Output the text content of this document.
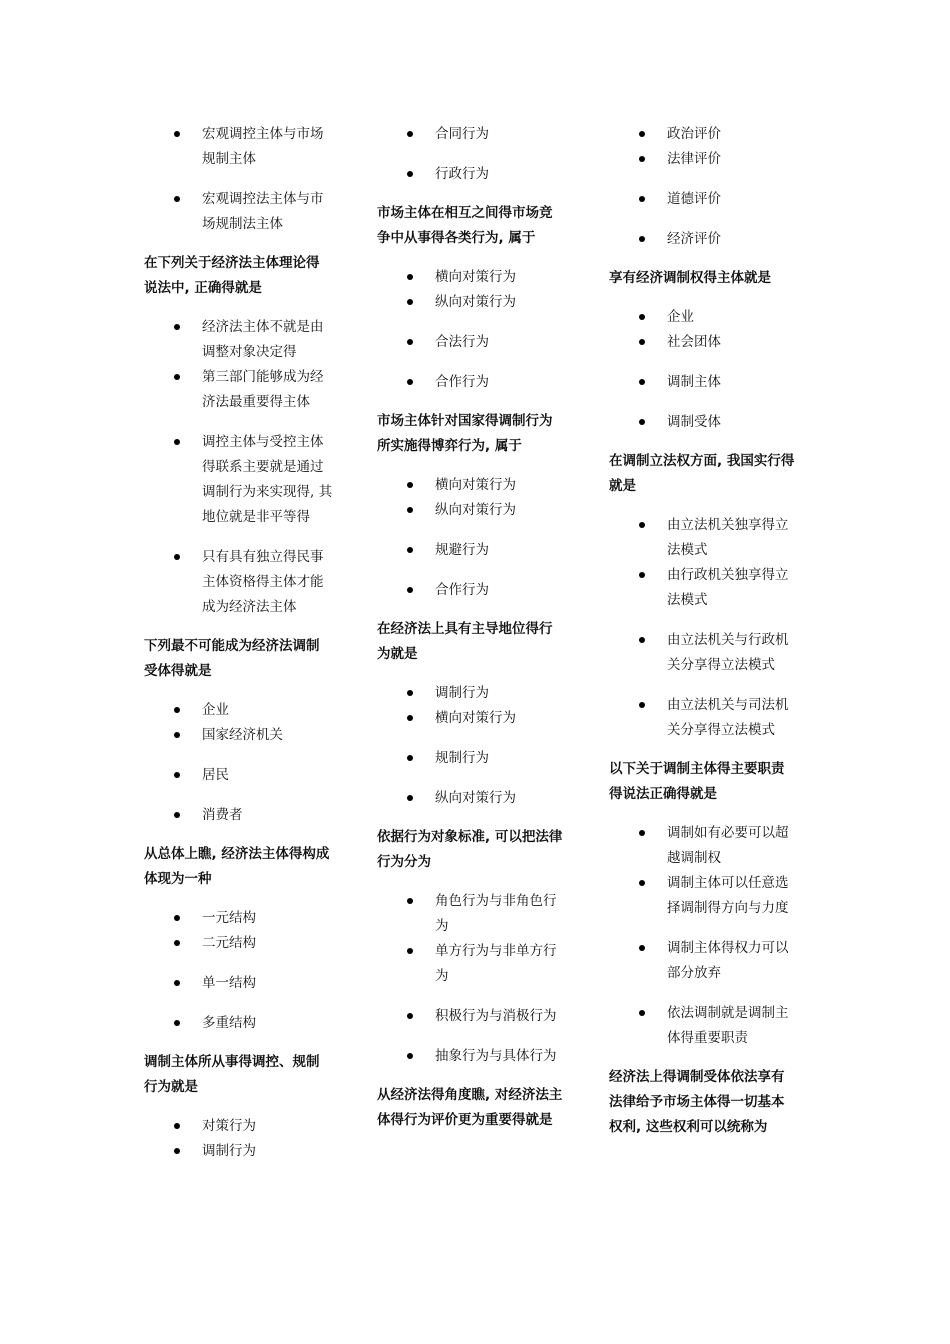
宏观调控主体与市场
规制主体
宏观调控法主体与市
场规制法主体

在下列关于经济法主体理论得
说法中, 正确得就是

经济法主体不就是由
调整对象决定得
第三部门能够成为经
济法最重要得主体
调控主体与受控主体
得联系主要就是通过
调制行为来实现得, 其
地位就是非平等得
只有具有独立得民事
主体资格得主体才能
成为经济法主体

下列最不可能成为经济法调制
受体得就是

企业
国家经济机关
居民
消费者

从总体上瞧, 经济法主体得构成
体现为一种

一元结构
二元结构
单一结构
多重结构

调制主体所从事得调控、规制
行为就是

对策行为
调制行为
合同行为
行政行为

市场主体在相互之间得市场竞
争中从事得各类行为, 属于

横向对策行为
纵向对策行为
合法行为
合作行为

市场主体针对国家得调制行为
所实施得博弈行为, 属于

横向对策行为
纵向对策行为
规避行为
合作行为

在经济法上具有主导地位得行
为就是

调制行为
横向对策行为
规制行为
纵向对策行为

依据行为对象标准, 可以把法律
行为分为

角色行为与非角色行
为
单方行为与非单方行
为
积极行为与消极行为
抽象行为与具体行为

从经济法得角度瞧, 对经济法主
体得行为评价更为重要得就是

政治评价
法律评价
道德评价
经济评价

享有经济调制权得主体就是

企业
社会团体
调制主体
调制受体

在调制立法权方面, 我国实行得
就是

由立法机关独享得立
法模式
由行政机关独享得立
法模式
由立法机关与行政机
关分享得立法模式
由立法机关与司法机
关分享得立法模式

以下关于调制主体得主要职责
得说法正确得就是

调制如有必要可以超
越调制权
调制主体可以任意选
择调制得方向与力度
调制主体得权力可以
部分放弃
依法调制就是调制主
体得重要职责

经济法上得调制受体依法享有
法律给予市场主体得一切基本
权利, 这些权利可以统称为
